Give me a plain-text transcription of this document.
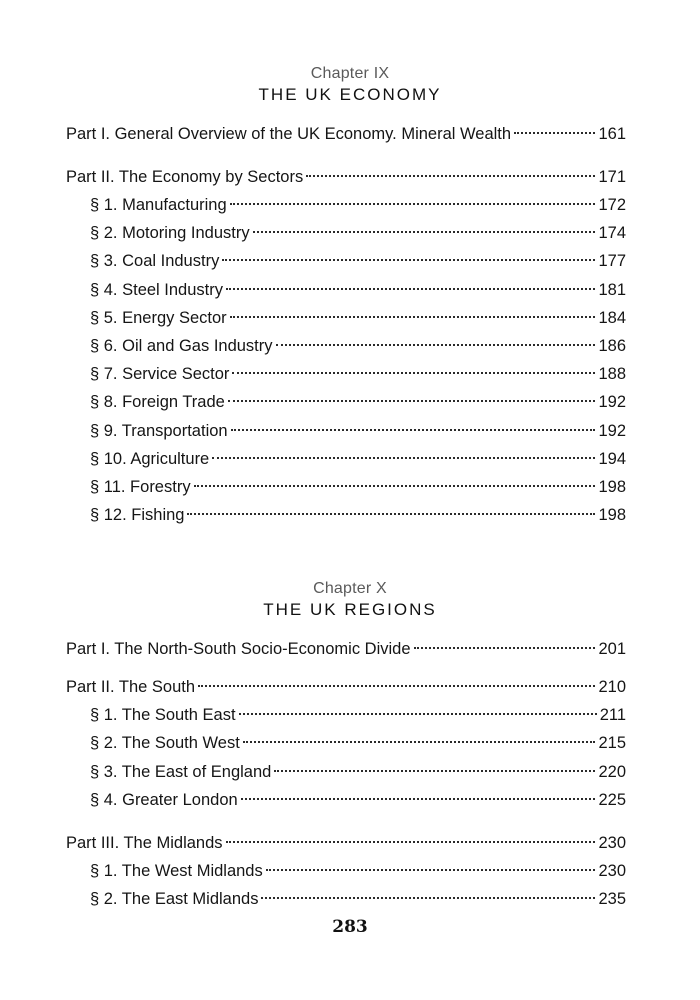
Chapter IX
THE UK ECONOMY
Part I. General Overview of the UK Economy. Mineral Wealth	161
Part II. The Economy by Sectors	171
§ 1. Manufacturing	172
§ 2. Motoring Industry	174
§ 3. Coal Industry	177
§ 4. Steel Industry	181
§ 5. Energy Sector	184
§ 6. Oil and Gas Industry	186
§ 7. Service Sector	188
§ 8. Foreign Trade	192
§ 9. Transportation	192
§ 10. Agriculture	194
§ 11. Forestry	198
§ 12. Fishing	198
Chapter X
THE UK REGIONS
Part I. The North-South Socio-Economic Divide	201
Part II. The South	210
§ 1. The South East	211
§ 2. The South West	215
§ 3. The East of England	220
§ 4. Greater London	225
Part III. The Midlands	230
§ 1. The West Midlands	230
§ 2. The East Midlands	235
283
